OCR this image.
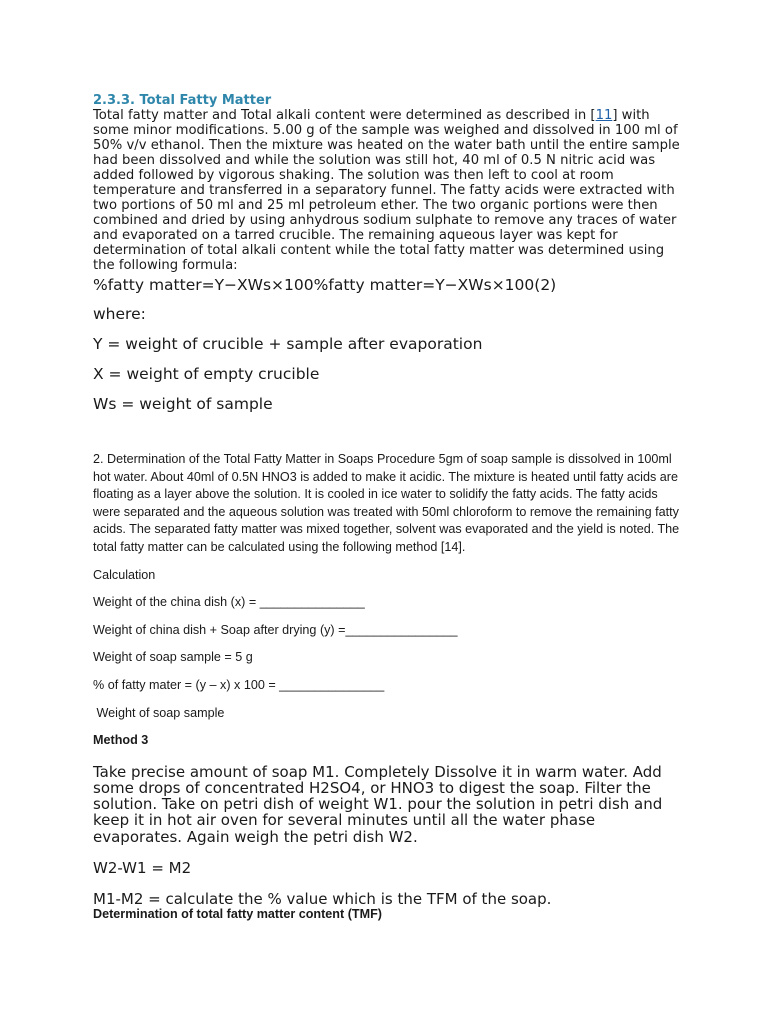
2.3.3. Total Fatty Matter

Total fatty matter and Total alkali content were determined as described in [11] with some minor modifications. 5.00 g of the sample was weighed and dissolved in 100 ml of 50% v/v ethanol. Then the mixture was heated on the water bath until the entire sample had been dissolved and while the solution was still hot, 40 ml of 0.5 N nitric acid was added followed by vigorous shaking. The solution was then left to cool at room temperature and transferred in a separatory funnel. The fatty acids were extracted with two portions of 50 ml and 25 ml petroleum ether. The two organic portions were then combined and dried by using anhydrous sodium sulphate to remove any traces of water and evaporated on a tarred crucible. The remaining aqueous layer was kept for determination of total alkali content while the total fatty matter was determined using the following formula:

%fatty matter=Y−XWs×100%fatty matter=Y−XWs×100(2)

where:

Y = weight of crucible + sample after evaporation

X = weight of empty crucible

Ws = weight of sample

2. Determination of the Total Fatty Matter in Soaps Procedure 5gm of soap sample is dissolved in 100ml hot water. About 40ml of 0.5N HNO3 is added to make it acidic. The mixture is heated until fatty acids are floating as a layer above the solution. It is cooled in ice water to solidify the fatty acids. The fatty acids were separated and the aqueous solution was treated with 50ml chloroform to remove the remaining fatty acids. The separated fatty matter was mixed together, solvent was evaporated and the yield is noted. The total fatty matter can be calculated using the following method [14].

Calculation

Weight of the china dish (x) = _______________

Weight of china dish + Soap after drying (y) =________________

Weight of soap sample = 5 g

% of fatty mater = (y – x) x 100 = _______________

Weight of soap sample

Method 3

Take precise amount of soap M1. Completely Dissolve it in warm water. Add some drops of concentrated H2SO4, or HNO3 to digest the soap. Filter the solution. Take on petri dish of weight W1. pour the solution in petri dish and keep it in hot air oven for several minutes until all the water phase evaporates. Again weigh the petri dish W2.

W2-W1 = M2

M1-M2 = calculate the % value which is the TFM of the soap.

Determination of total fatty matter content (TMF)
